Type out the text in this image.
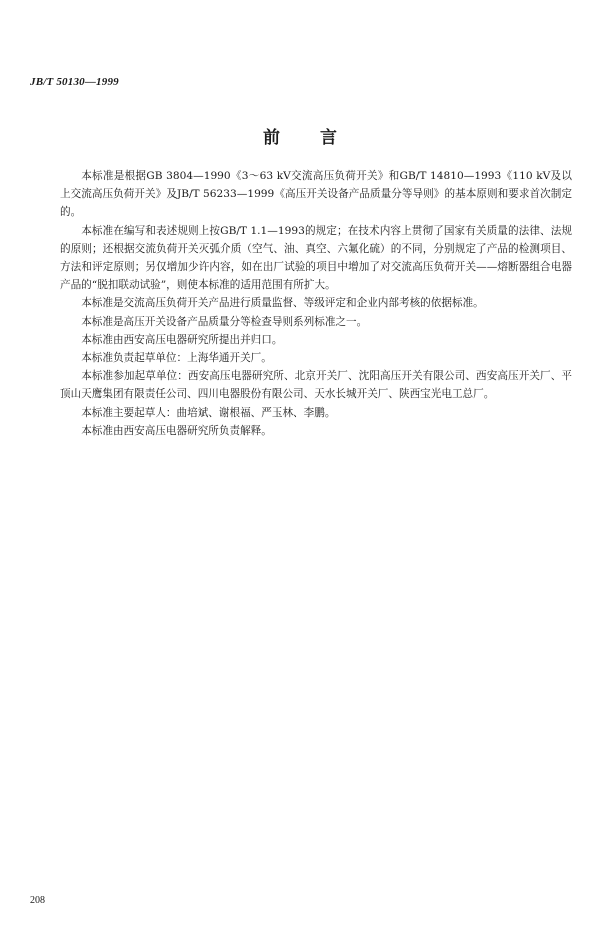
JB/T 50130—1999
前言

本标准是根据GB 3804—1990《3～63 kV交流高压负荷开关》和GB/T 14810—1993《110 kV及以上交流高压负荷开关》及JB/T 56233—1999《高压开关设备产品质量分等导则》的基本原则和要求首次制定的。

本标准在编写和表述规则上按GB/T 1.1—1993的规定；在技术内容上贯彻了国家有关质量的法律、法规的原则；还根据交流负荷开关灭弧介质（空气、油、真空、六氟化硫）的不同，分别规定了产品的检测项目、方法和评定原则；另仅增加少许内容，如在出厂试验的项目中增加了对交流高压负荷开关——熔断器组合电器产品的“脱扣联动试验”，则使本标准的适用范围有所扩大。

本标准是交流高压负荷开关产品进行质量监督、等级评定和企业内部考核的依据标准。

本标准是高压开关设备产品质量分等检查导则系列标准之一。

本标准由西安高压电器研究所提出并归口。

本标准负责起草单位：上海华通开关厂。

本标准参加起草单位：西安高压电器研究所、北京开关厂、沈阳高压开关有限公司、西安高压开关厂、平顶山天鹰集团有限责任公司、四川电器股份有限公司、天水长城开关厂、陕西宝光电工总厂。

本标准主要起草人：曲培斌、谢根福、严玉林、李鹏。

本标准由西安高压电器研究所负责解释。

208
